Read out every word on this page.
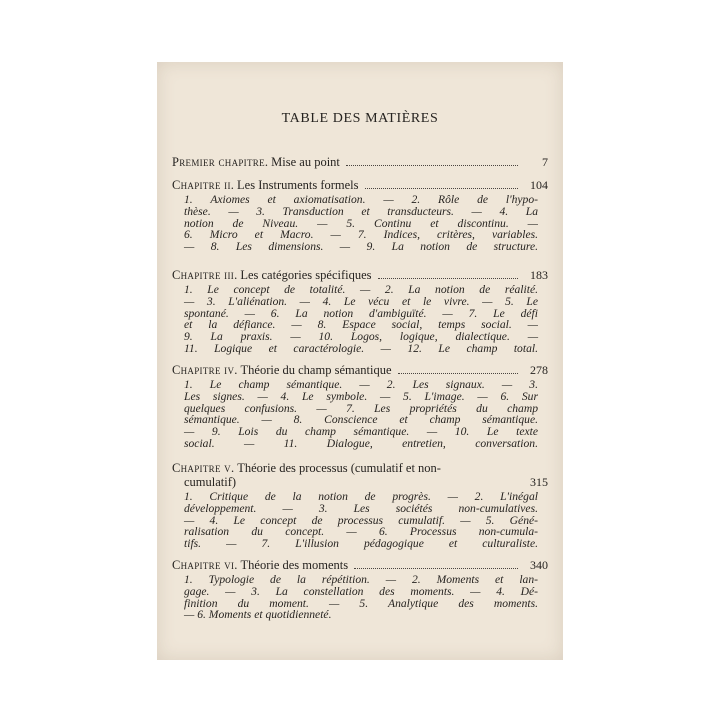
TABLE DES MATIÈRES
Premier chapitre . Mise au point	7
Chapitre ii . Les Instruments formels	104
1. Axiomes et axiomatisation. — 2. Rôle de l'hypo-
thèse. — 3. Transduction et transducteurs. — 4. La
notion de Niveau. — 5. Continu et discontinu. —
6. Micro et Macro. — 7. Indices, critères, variables.
— 8. Les dimensions. — 9. La notion de structure.
Chapitre iii . Les catégories spécifiques	183
1. Le concept de totalité. — 2. La notion de réalité.
— 3. L'aliénation. — 4. Le vécu et le vivre. — 5. Le
spontané. — 6. La notion d'ambiguïté. — 7. Le défi
et la défiance. — 8. Espace social, temps social. —
9. La praxis. — 10. Logos, logique, dialectique. —
11. Logique et caractérologie. — 12. Le champ total.
Chapitre iv . Théorie du champ sémantique	278
1. Le champ sémantique. — 2. Les signaux. — 3.
Les signes. — 4. Le symbole. — 5. L'image. — 6. Sur
quelques confusions. — 7. Les propriétés du champ
sémantique. — 8. Conscience et champ sémantique.
— 9. Lois du champ sémantique. — 10. Le texte
social. — 11. Dialogue, entretien, conversation.
Chapitre v . Théorie des processus (cumulatif et non-
cumulatif)	315
1. Critique de la notion de progrès. — 2. L'inégal
développement. — 3. Les sociétés non-cumulatives.
— 4. Le concept de processus cumulatif. — 5. Géné-
ralisation du concept. — 6. Processus non-cumula-
tifs. — 7. L'illusion pédagogique et culturaliste.
Chapitre vi . Théorie des moments	340
1. Typologie de la répétition. — 2. Moments et lan-
gage. — 3. La constellation des moments. — 4. Dé-
finition du moment. — 5. Analytique des moments.
— 6. Moments et quotidienneté.
